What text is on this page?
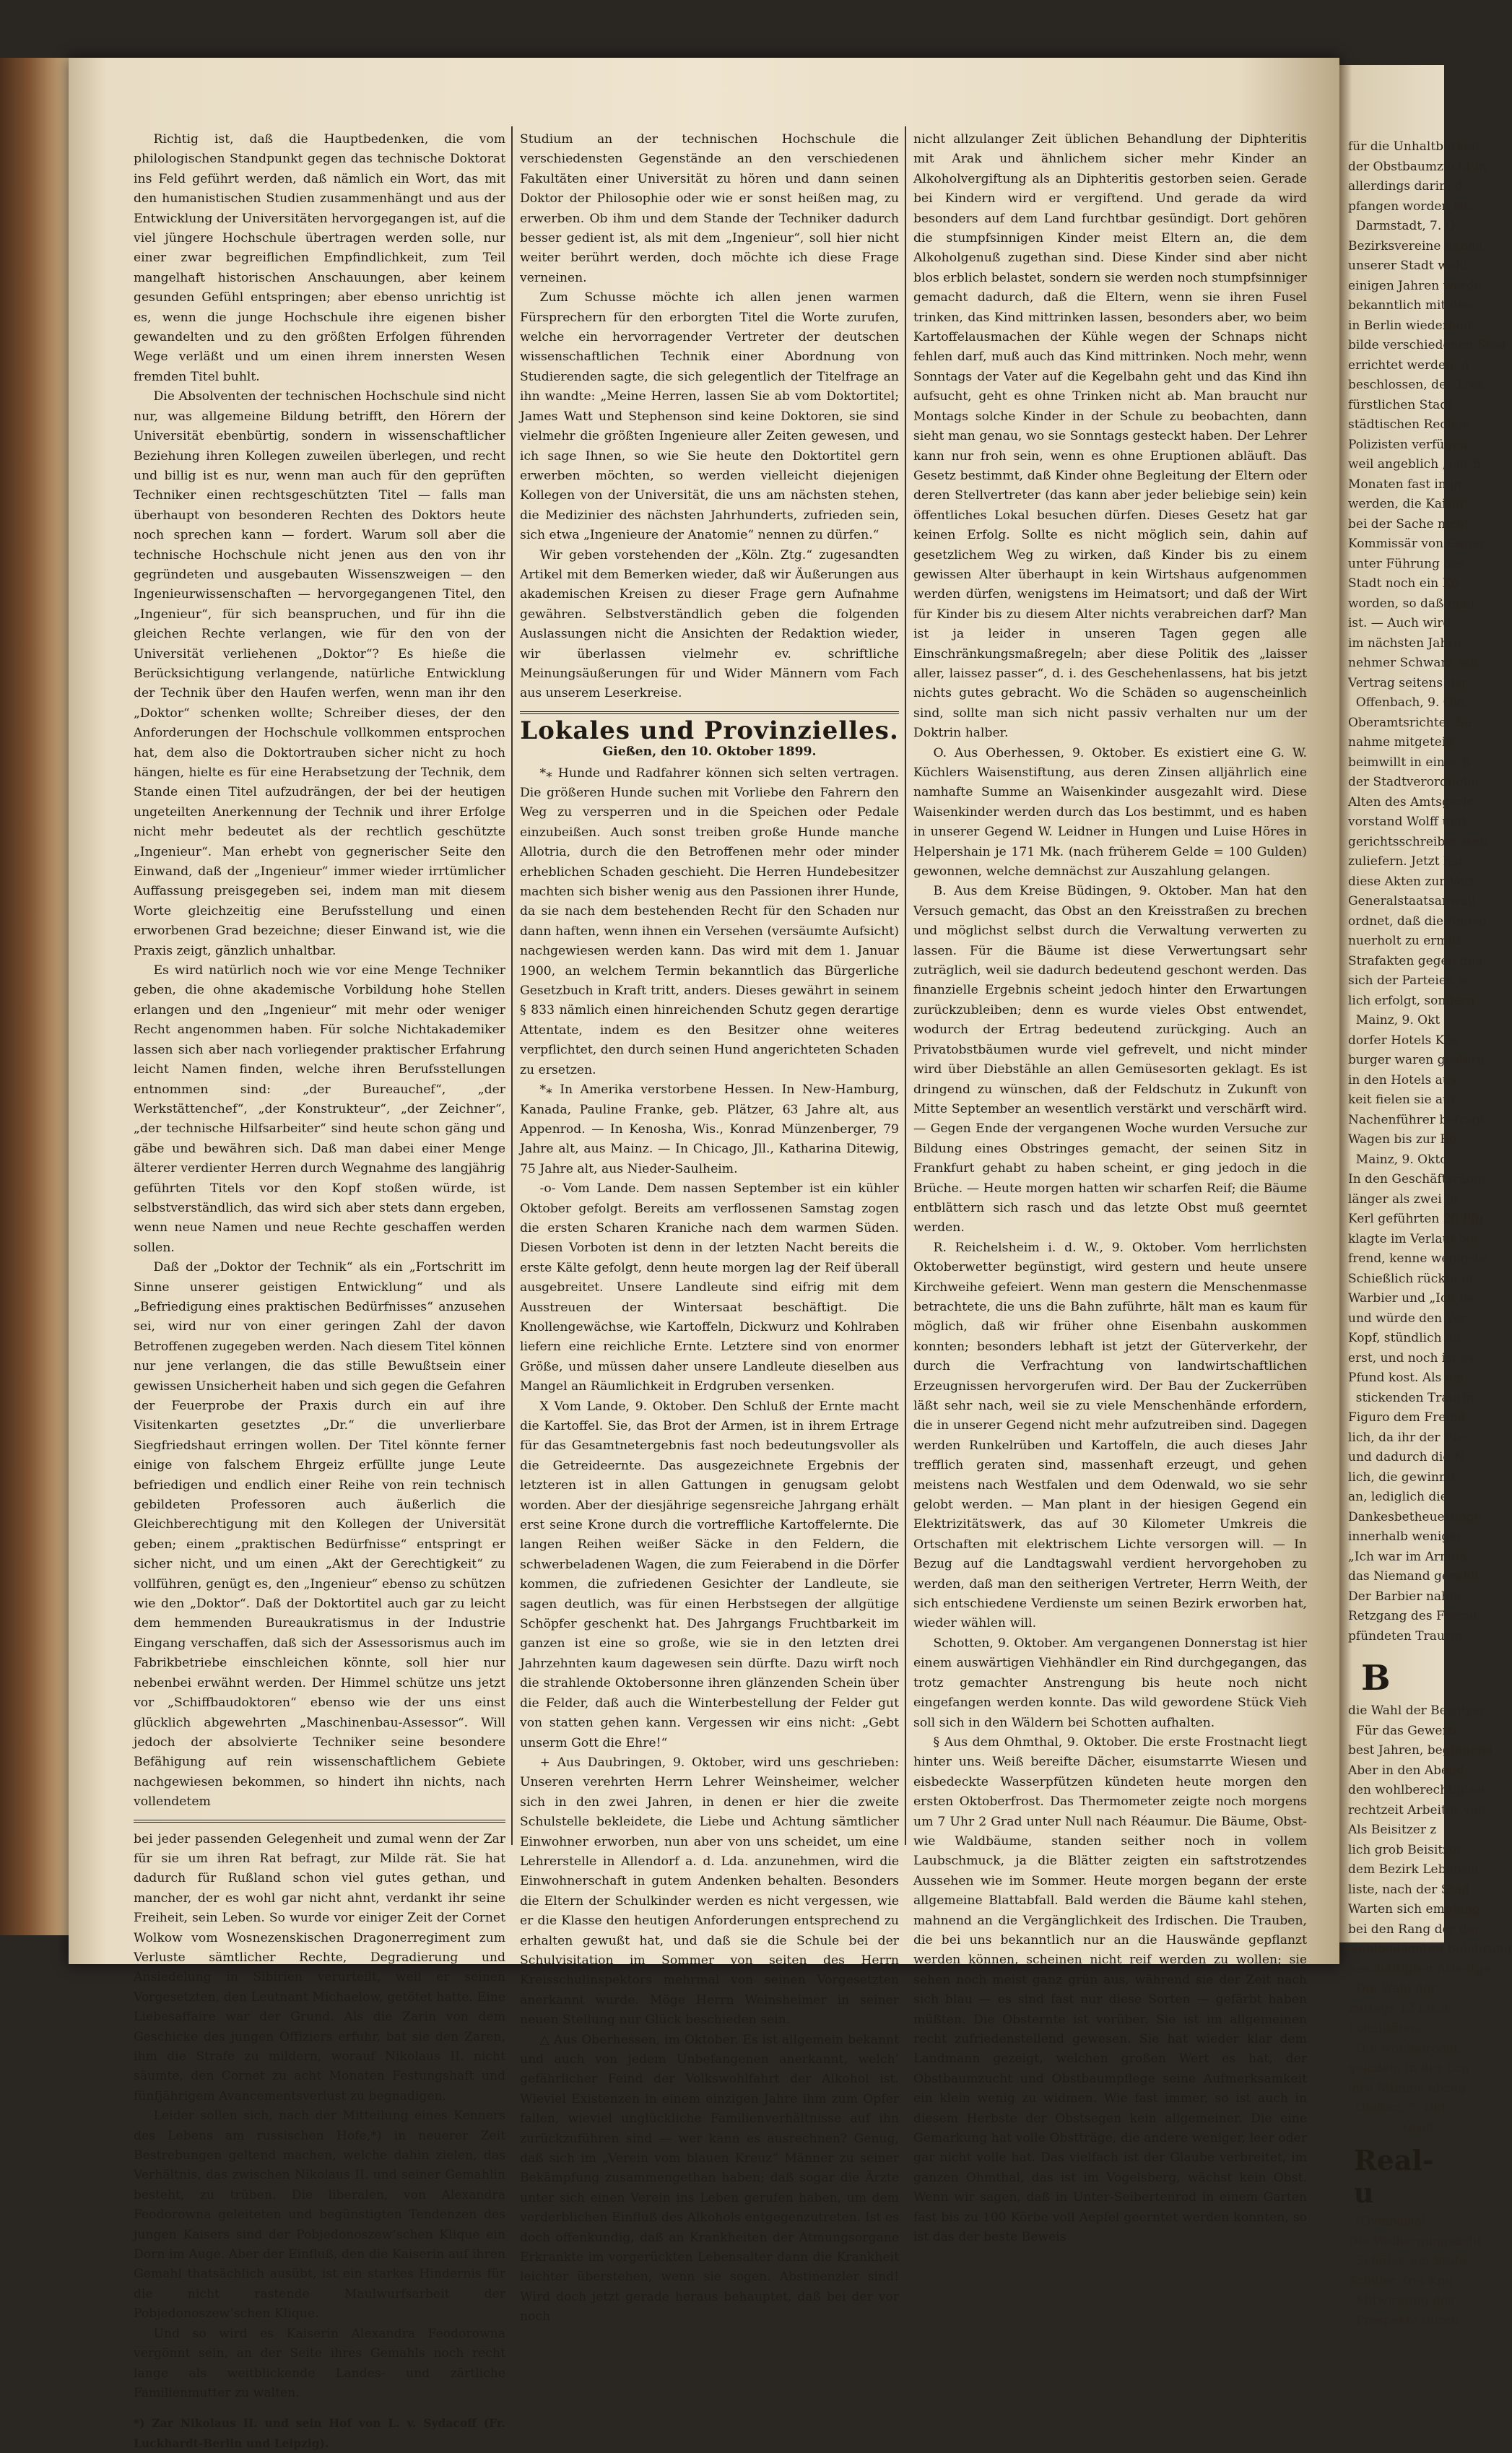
Richtig ist, daß die Hauptbedenken, die vom philologischen Standpunkt gegen das technische Doktorat ins Feld geführt werden, daß nämlich ein Wort, das mit den humanistischen Studien zusammenhängt und aus der Entwicklung der Universitäten hervorgegangen ist, auf die viel jüngere Hochschule übertragen werden solle, nur einer zwar begreiflichen Empfindlichkeit, zum Teil mangelhaft historischen Anschauungen, aber keinem gesunden Gefühl entspringen; aber ebenso unrichtig ist es, wenn die junge Hochschule ihre eigenen bisher gewandelten und zu den größten Erfolgen führenden Wege verläßt und um einen ihrem innersten Wesen fremden Titel buhlt.

Die Absolventen der technischen Hochschule sind nicht nur, was allgemeine Bildung betrifft, den Hörern der Universität ebenbürtig, sondern in wissenschaftlicher Beziehung ihren Kollegen zuweilen überlegen, und recht und billig ist es nur, wenn man auch für den geprüften Techniker einen rechtsgeschützten Titel — falls man überhaupt von besonderen Rechten des Doktors heute noch sprechen kann — fordert. Warum soll aber die technische Hochschule nicht jenen aus den von ihr gegründeten und ausgebauten Wissenszweigen — den Ingenieurwissenschaften — hervorgegangenen Titel, den „Ingenieur“, für sich beanspruchen, und für ihn die gleichen Rechte verlangen, wie für den von der Universität verliehenen „Doktor“? Es hieße die Berücksichtigung verlangende, natürliche Entwicklung der Technik über den Haufen werfen, wenn man ihr den „Doktor“ schenken wollte; Schreiber dieses, der den Anforderungen der Hochschule vollkommen entsprochen hat, dem also die Doktortrauben sicher nicht zu hoch hängen, hielte es für eine Herabsetzung der Technik, dem Stande einen Titel aufzudrängen, der bei der heutigen ungeteilten Anerkennung der Technik und ihrer Erfolge nicht mehr bedeutet als der rechtlich geschützte „Ingenieur“. Man erhebt von gegnerischer Seite den Einwand, daß der „Ingenieur“ immer wieder irrtümlicher Auffassung preisgegeben sei, indem man mit diesem Worte gleichzeitig eine Berufsstellung und einen erworbenen Grad bezeichne; dieser Einwand ist, wie die Praxis zeigt, gänzlich unhaltbar.

Es wird natürlich noch wie vor eine Menge Techniker geben, die ohne akademische Vorbildung hohe Stellen erlangen und den „Ingenieur“ mit mehr oder weniger Recht angenommen haben. Für solche Nichtakademiker lassen sich aber nach vorliegender praktischer Erfahrung leicht Namen finden, welche ihren Berufsstellungen entnommen sind: „der Bureauchef“, „der Werkstättenchef“, „der Konstrukteur“, „der Zeichner“, „der technische Hilfsarbeiter“ sind heute schon gäng und gäbe und bewähren sich. Daß man dabei einer Menge älterer verdienter Herren durch Wegnahme des langjährig geführten Titels vor den Kopf stoßen würde, ist selbstverständlich, das wird sich aber stets dann ergeben, wenn neue Namen und neue Rechte geschaffen werden sollen.

Daß der „Doktor der Technik“ als ein „Fortschritt im Sinne unserer geistigen Entwicklung“ und als „Befriedigung eines praktischen Bedürfnisses“ anzusehen sei, wird nur von einer geringen Zahl der davon Betroffenen zugegeben werden. Nach diesem Titel können nur jene verlangen, die das stille Bewußtsein einer gewissen Unsicherheit haben und sich gegen die Gefahren der Feuerprobe der Praxis durch ein auf ihre Visitenkarten gesetztes „Dr.“ die unverlierbare Siegfriedshaut erringen wollen. Der Titel könnte ferner einige von falschem Ehrgeiz erfüllte junge Leute befriedigen und endlich einer Reihe von rein technisch gebildeten Professoren auch äußerlich die Gleichberechtigung mit den Kollegen der Universität geben; einem „praktischen Bedürfnisse“ entspringt er sicher nicht, und um einen „Akt der Gerechtigkeit“ zu vollführen, genügt es, den „Ingenieur“ ebenso zu schützen wie den „Doktor“. Daß der Doktortitel auch gar zu leicht dem hemmenden Bureaukratismus in der Industrie Eingang verschaffen, daß sich der Assessorismus auch im Fabrikbetriebe einschleichen könnte, soll hier nur nebenbei erwähnt werden. Der Himmel schütze uns jetzt vor „Schiffbaudoktoren“ ebenso wie der uns einst glücklich abgewehrten „Maschinenbau-Assessor“. Will jedoch der absolvierte Techniker seine besondere Befähigung auf rein wissenschaftlichem Gebiete nachgewiesen bekommen, so hindert ihn nichts, nach vollendetem

bei jeder passenden Gelegenheit und zumal wenn der Zar für sie um ihren Rat befragt, zur Milde rät. Sie hat dadurch für Rußland schon viel gutes gethan, und mancher, der es wohl gar nicht ahnt, verdankt ihr seine Freiheit, sein Leben. So wurde vor einiger Zeit der Cornet Wolkow vom Wosnezenskischen Dragonerregiment zum Verluste sämtlicher Rechte, Degradierung und Ansiedelung in Sibirien verurteilt, weil er seinen Vorgesetzten, den Leutnant Michaelow, getötet hatte. Eine Liebesaffaire war der Grund. Als die Zarin von dem Geschicke des jungen Offiziers erfuhr, bat sie den Zaren, ihm die Strafe zu mildern, worauf Nikolaus II. nicht säumte, den Cornet zu acht Monaten Festungshaft und fünfjährigem Avancementsverlust zu begnadigen.

Leider sollen sich, nach der Mitteilung eines Kenners des Lebens am russischen Hofe,*) in neuerer Zeit Bestrebungen geltend machen, welche dahin zielen, das Verhältnis, das zwischen Nikolaus II. und seiner Gemahlin besteht, zu trüben. Die liberalen, von Alexandra Feodorowna geleiteten und begünstigten Tendenzen des jungen Kaisers sind der Pobjedonoszew’schen Klique ein Dorn im Auge. Aber der Einfluß, den die Kaiserin auf ihren Gemahl thatsächlich ausübt, ist ein starkes Hindernis für die nicht rastende Maulwurfsarbeit der Pobjedonoszew’schen Klique.

Und so wird es Kaiserin Alexandra Feodorowna vergönnt sein, an der Seite ihres Gemahls noch recht lange als weitblickende Landes- und zärtliche Familienmutter zu walten.

*) Zar Nikolaus II. und sein Hof von L. v. Sydacoff (Fr. Luckhardt-Berlin und Leipzig).

Studium an der technischen Hochschule die verschiedensten Gegenstände an den verschiedenen Fakultäten einer Universität zu hören und dann seinen Doktor der Philosophie oder wie er sonst heißen mag, zu erwerben. Ob ihm und dem Stande der Techniker dadurch besser gedient ist, als mit dem „Ingenieur“, soll hier nicht weiter berührt werden, doch möchte ich diese Frage verneinen.

Zum Schusse möchte ich allen jenen warmen Fürsprechern für den erborgten Titel die Worte zurufen, welche ein hervorragender Vertreter der deutschen wissenschaftlichen Technik einer Abordnung von Studierenden sagte, die sich gelegentlich der Titelfrage an ihn wandte: „Meine Herren, lassen Sie ab vom Doktortitel; James Watt und Stephenson sind keine Doktoren, sie sind vielmehr die größten Ingenieure aller Zeiten gewesen, und ich sage Ihnen, so wie Sie heute den Doktortitel gern erwerben möchten, so werden vielleicht diejenigen Kollegen von der Universität, die uns am nächsten stehen, die Medizinier des nächsten Jahrhunderts, zufrieden sein, sich etwa „Ingenieure der Anatomie“ nennen zu dürfen.“

Wir geben vorstehenden der „Köln. Ztg.“ zugesandten Artikel mit dem Bemerken wieder, daß wir Äußerungen aus akademischen Kreisen zu dieser Frage gern Aufnahme gewähren. Selbstverständlich geben die folgenden Auslassungen nicht die Ansichten der Redaktion wieder, wir überlassen vielmehr ev. schriftliche Meinungsäußerungen für und Wider Männern vom Fach aus unserem Leserkreise.

Lokales und Provinzielles.
Gießen, den 10. Oktober 1899.

*⁎ Hunde und Radfahrer können sich selten vertragen. Die größeren Hunde suchen mit Vorliebe den Fahrern den Weg zu versperren und in die Speichen oder Pedale einzubeißen. Auch sonst treiben große Hunde manche Allotria, durch die den Betroffenen mehr oder minder erheblichen Schaden geschieht. Die Herren Hundebesitzer machten sich bisher wenig aus den Passionen ihrer Hunde, da sie nach dem bestehenden Recht für den Schaden nur dann haften, wenn ihnen ein Versehen (versäumte Aufsicht) nachgewiesen werden kann. Das wird mit dem 1. Januar 1900, an welchem Termin bekanntlich das Bürgerliche Gesetzbuch in Kraft tritt, anders. Dieses gewährt in seinem § 833 nämlich einen hinreichenden Schutz gegen derartige Attentate, indem es den Besitzer ohne weiteres verpflichtet, den durch seinen Hund angerichteten Schaden zu ersetzen.

*⁎ In Amerika verstorbene Hessen. In New-Hamburg, Kanada, Pauline Franke, geb. Plätzer, 63 Jahre alt, aus Appenrod. — In Kenosha, Wis., Konrad Münzenberger, 79 Jahre alt, aus Mainz. — In Chicago, Jll., Katharina Ditewig, 75 Jahre alt, aus Nieder-Saulheim.

-o- Vom Lande. Dem nassen September ist ein kühler Oktober gefolgt. Bereits am verflossenen Samstag zogen die ersten Scharen Kraniche nach dem warmen Süden. Diesen Vorboten ist denn in der letzten Nacht bereits die erste Kälte gefolgt, denn heute morgen lag der Reif überall ausgebreitet. Unsere Landleute sind eifrig mit dem Ausstreuen der Wintersaat beschäftigt. Die Knollengewächse, wie Kartoffeln, Dickwurz und Kohlraben liefern eine reichliche Ernte. Letztere sind von enormer Größe, und müssen daher unsere Landleute dieselben aus Mangel an Räumlichkeit in Erdgruben versenken.

X Vom Lande, 9. Oktober. Den Schluß der Ernte macht die Kartoffel. Sie, das Brot der Armen, ist in ihrem Ertrage für das Gesamtnetergebnis fast noch bedeutungsvoller als die Getreideernte. Das ausgezeichnete Ergebnis der letzteren ist in allen Gattungen in genugsam gelobt worden. Aber der diesjährige segensreiche Jahrgang erhält erst seine Krone durch die vortreffliche Kartoffelernte. Die langen Reihen weißer Säcke in den Feldern, die schwerbeladenen Wagen, die zum Feierabend in die Dörfer kommen, die zufriedenen Gesichter der Landleute, sie sagen deutlich, was für einen Herbstsegen der allgütige Schöpfer geschenkt hat. Des Jahrgangs Fruchtbarkeit im ganzen ist eine so große, wie sie in den letzten drei Jahrzehnten kaum dagewesen sein dürfte. Dazu wirft noch die strahlende Oktobersonne ihren glänzenden Schein über die Felder, daß auch die Winterbestellung der Felder gut von statten gehen kann. Vergessen wir eins nicht: „Gebt unserm Gott die Ehre!“

+ Aus Daubringen, 9. Oktober, wird uns geschrieben: Unseren verehrten Herrn Lehrer Weinsheimer, welcher sich in den zwei Jahren, in denen er hier die zweite Schulstelle bekleidete, die Liebe und Achtung sämtlicher Einwohner erworben, nun aber von uns scheidet, um eine Lehrerstelle in Allendorf a. d. Lda. anzunehmen, wird die Einwohnerschaft in gutem Andenken behalten. Besonders die Eltern der Schulkinder werden es nicht vergessen, wie er die Klasse den heutigen Anforderungen entsprechend zu erhalten gewußt hat, und daß sie die Schule bei der Schulvisitation im Sommer von seiten des Herrn Kreisschulinspektors mehrmal von seinen Vorgesetzten anerkannt wurde. Möge Herrn Weinsheimer in seiner neuen Stellung nur Glück beschieden sein.

△ Aus Oberhessen, im Oktober. Es ist allgemein bekannt und auch von jedem Unbefangenen anerkannt, welch’ gefährlicher Feind der Volkswohlfahrt der Alkohol ist. Wieviel Existenzen in einem einzigen Jahre ihm zum Opfer fallen, wieviel unglückliche Familienverhältnisse auf ihn zurückzuführen sind — wer kann es ausrechnen? Genug, daß sich im „Verein vom blauen Kreuz“ Männer zu seiner Bekämpfung zusammengethan haben; daß sogar die Ärzte unter sich einen Verein ins Leben gerufen haben, um dem verderblichen Einfluß des Alkohols entgegenzutreten. Ist es doch offenkundig, daß an Krankheiten der Atmungsorgane Erkrankte im vorgerückten Lebensalter dann die Krankheit leichter überstehen, wenn sie sogen. Abstinenzler sind! Wird doch jetzt gerade heraus behauptet, daß bei der vor noch

nicht allzulanger Zeit üblichen Behandlung der Diphteritis mit Arak und ähnlichem sicher mehr Kinder an Alkoholvergiftung als an Diphteritis gestorben seien. Gerade bei Kindern wird er vergiftend. Und gerade da wird besonders auf dem Land furchtbar gesündigt. Dort gehören die stumpfsinnigen Kinder meist Eltern an, die dem Alkoholgenuß zugethan sind. Diese Kinder sind aber nicht blos erblich belastet, sondern sie werden noch stumpfsinniger gemacht dadurch, daß die Eltern, wenn sie ihren Fusel trinken, das Kind mittrinken lassen, besonders aber, wo beim Kartoffelausmachen der Kühle wegen der Schnaps nicht fehlen darf, muß auch das Kind mittrinken. Noch mehr, wenn Sonntags der Vater auf die Kegelbahn geht und das Kind ihn aufsucht, geht es ohne Trinken nicht ab. Man braucht nur Montags solche Kinder in der Schule zu beobachten, dann sieht man genau, wo sie Sonntags gesteckt haben. Der Lehrer kann nur froh sein, wenn es ohne Eruptionen abläuft. Das Gesetz bestimmt, daß Kinder ohne Begleitung der Eltern oder deren Stellvertreter (das kann aber jeder beliebige sein) kein öffentliches Lokal besuchen dürfen. Dieses Gesetz hat gar keinen Erfolg. Sollte es nicht möglich sein, dahin auf gesetzlichem Weg zu wirken, daß Kinder bis zu einem gewissen Alter überhaupt in kein Wirtshaus aufgenommen werden dürfen, wenigstens im Heimatsort; und daß der Wirt für Kinder bis zu diesem Alter nichts verabreichen darf? Man ist ja leider in unseren Tagen gegen alle Einschränkungsmaßregeln; aber diese Politik des „laisser aller, laissez passer“, d. i. des Geschehenlassens, hat bis jetzt nichts gutes gebracht. Wo die Schäden so augenscheinlich sind, sollte man sich nicht passiv verhalten nur um der Doktrin halber.

O. Aus Oberhessen, 9. Oktober. Es existiert eine G. W. Küchlers Waisenstiftung, aus deren Zinsen alljährlich eine namhafte Summe an Waisenkinder ausgezahlt wird. Diese Waisenkinder werden durch das Los bestimmt, und es haben in unserer Gegend W. Leidner in Hungen und Luise Höres in Helpershain je 171 Mk. (nach früherem Gelde = 100 Gulden) gewonnen, welche demnächst zur Auszahlung gelangen.

B. Aus dem Kreise Büdingen, 9. Oktober. Man hat den Versuch gemacht, das Obst an den Kreisstraßen zu brechen und möglichst selbst durch die Verwaltung verwerten zu lassen. Für die Bäume ist diese Verwertungsart sehr zuträglich, weil sie dadurch bedeutend geschont werden. Das finanzielle Ergebnis scheint jedoch hinter den Erwartungen zurückzubleiben; denn es wurde vieles Obst entwendet, wodurch der Ertrag bedeutend zurückging. Auch an Privatobstbäumen wurde viel gefrevelt, und nicht minder wird über Diebstähle an allen Gemüsesorten geklagt. Es ist dringend zu wünschen, daß der Feldschutz in Zukunft von Mitte September an wesentlich verstärkt und verschärft wird. — Gegen Ende der vergangenen Woche wurden Versuche zur Bildung eines Obstringes gemacht, der seinen Sitz in Frankfurt gehabt zu haben scheint, er ging jedoch in die Brüche. — Heute morgen hatten wir scharfen Reif; die Bäume entblättern sich rasch und das letzte Obst muß geerntet werden.

R. Reichelsheim i. d. W., 9. Oktober. Vom herrlichsten Oktoberwetter begünstigt, wird gestern und heute unsere Kirchweihe gefeiert. Wenn man gestern die Menschenmasse betrachtete, die uns die Bahn zuführte, hält man es kaum für möglich, daß wir früher ohne Eisenbahn auskommen konnten; besonders lebhaft ist jetzt der Güterverkehr, der durch die Verfrachtung von landwirtschaftlichen Erzeugnissen hervorgerufen wird. Der Bau der Zuckerrüben läßt sehr nach, weil sie zu viele Menschenhände erfordern, die in unserer Gegend nicht mehr aufzutreiben sind. Dagegen werden Runkelrüben und Kartoffeln, die auch dieses Jahr trefflich geraten sind, massenhaft erzeugt, und gehen meistens nach Westfalen und dem Odenwald, wo sie sehr gelobt werden. — Man plant in der hiesigen Gegend ein Elektrizitätswerk, das auf 30 Kilometer Umkreis die Ortschaften mit elektrischem Lichte versorgen will. — In Bezug auf die Landtagswahl verdient hervorgehoben zu werden, daß man den seitherigen Vertreter, Herrn Weith, der sich entschiedene Verdienste um seinen Bezirk erworben hat, wieder wählen will.

Schotten, 9. Oktober. Am vergangenen Donnerstag ist hier einem auswärtigen Viehhändler ein Rind durchgegangen, das trotz gemachter Anstrengung bis heute noch nicht eingefangen werden konnte. Das wild gewordene Stück Vieh soll sich in den Wäldern bei Schotten aufhalten.

§ Aus dem Ohmthal, 9. Oktober. Die erste Frostnacht liegt hinter uns. Weiß bereifte Dächer, eisumstarrte Wiesen und eisbedeckte Wasserpfützen kündeten heute morgen den ersten Oktoberfrost. Das Thermometer zeigte noch morgens um 7 Uhr 2 Grad unter Null nach Réaumur. Die Bäume, Obst- wie Waldbäume, standen seither noch in vollem Laubschmuck, ja die Blätter zeigten ein saftstrotzendes Aussehen wie im Sommer. Heute morgen begann der erste allgemeine Blattabfall. Bald werden die Bäume kahl stehen, mahnend an die Vergänglichkeit des Irdischen. Die Trauben, die bei uns bekanntlich nur an die Hauswände gepflanzt werden können, scheinen nicht reif werden zu wollen; sie sehen noch meist ganz grün aus, während sie der Zeit nach sich blau — es sind fast nur diese Sorten — gefärbt haben müßten. Die Obsternte ist vorüber. Sie ist im allgemeinen recht zufriedenstellend gewesen. Sie hat wieder klar dem Landmann gezeigt, welchen großen Wert es hat, der Obstbaumzucht und Obstbaumpflege seine Aufmerksamkeit ein klein wenig zu widmen. Wie fast immer, so ist auch in diesem Herbste der Obstsegen kein allgemeiner. Die eine Gemarkung hat volle Obstträge, die andere weniger, leer oder gar nicht volle hat. Das vielfach ist der Glaube verbreitet, im ganzen Ohmthal, das ist im Vogelsberg, wächst kein Obst. Wenn wir sagen, daß in Unter-Seibertenrod in einem Garten fast bis zu 100 Körbe voll Aepfel geerntet werden konnten, so ist das der beste Beweis

für die Unhaltbarkeit
der Obstbaumzucht in
allerdings darin; d
pfangen worden ist.
Darmstadt, 7. O
Bezirksvereine haben
unserer Stadt wohl
einigen Jahren werde
bekanntlich mit den
in Berlin wiederholt
bilde verschiedenen Stad
errichtet werden, d
beschlossen, der Tres
fürstlichen Stadt
städtischen Rechnu
Polizisten verfügen
weil angeblich „ein B
Monaten fast in gr
werden, die Kaiser
bei der Sache nicht
Kommissär von Gener
unter Führung des
Stadt noch ein Ko
worden, so daß man
ist. — Auch wird
im nächsten Jahre
nehmer Schwarz sch
Vertrag seitens der
Offenbach, 9. Okt
Oberamtsrichter Sa
nahme mitgeteilt
beimwillt in einer B
der Stadtverordneter
Alten des Amtsgeric
vorstand Wolff und
gerichtsschreiber wen
zuliefern. Jetzt hat
diese Akten zur Verf
Generalstaatsanwalt
ordnet, daß die Amtsg
nuerholt zu ermitt
Strafakten gegen den
sich der Parteien w
lich erfolgt, sondern
Mainz, 9. Okt
dorfer Hotels Käs
burger waren gestern
in den Hotels aus
keit fielen sie auf
Nachenführer befragt
Wagen bis zur Bu
Mainz, 9. Okto
In den Geschäftsräum
länger als zwei Ja
Kerl geführten 20 Pfg.
klagte im Verlauf bei
frend, kenne wenigste
Schießlich rückte er
Warbier und „Ich ha
und würde den Ver
Kopf, stündlich an
erst, und noch ist es
Pfund kost. Als ein
stickenden Traurin
Figuro dem Fremd
lich, da ihr der Fre
und dadurch die N
lich, die gewinnd
an, lediglich die
Dankesbetheuerunge
innerhalb weniger
„Ich war im Armen
das Niemand gezahlt
Der Barbier nahm
Retzgang des Fremd
pfündeten Traurin
B
die Wahl der Beisitzer
Für das Gewerb
best Jahren, beginnend
Aber in den Abend
den wohlberechtigten
rechtzeit Arbeiter von
Als Beisitzer z
lich grob Beisitzer
dem Bezirk Lebensla
liste, nach der Stad
Warten sich empfang
bei den Rang der der
wohlbedachten Belehrung
beschäftigten Arbeitge
Die Wahl der
mittags 12 bis d
Lokalitäten.
Die wohlberecht
geladen, in der Lag
ihre Stimme abzug
Gießen, 7. Okt
Groß
Real- u
(Gymnasial
Die Weihergungsacht
Schüler, am Stufe
Schüler, frei Kno
Mitwirkung des
Prospekte durch
